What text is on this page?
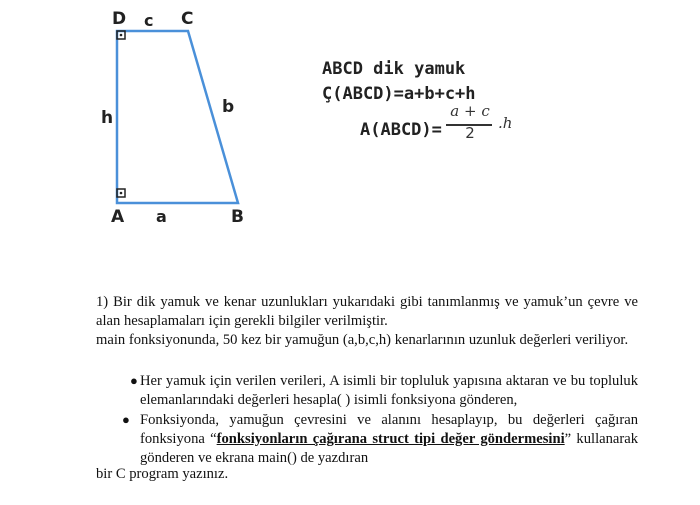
D c C
h
b
A a	B
ABCD dik yamuk
Ç(ABCD)=a+b+c+h
A(ABCD)=
a + c
2
.h

1) Bir dik yamuk ve kenar uzunlukları yukarıdaki gibi tanımlanmış ve yamuk’un çevre ve alan hesaplamaları için gerekli bilgiler verilmiştir.

main fonksiyonunda, 50 kez bir yamuğun (a,b,c,h) kenarlarının uzunluk değerleri veriliyor.

● Her yamuk için verilen verileri, A isimli bir topluluk yapısına aktaran ve bu topluluk elemanlarındaki değerleri hesapla( ) isimli fonksiyona gönderen,
● Fonksiyonda, yamuğun çevresini ve alanını hesaplayıp, bu değerleri çağıran fonksiyona “fonksiyonların çağırana struct tipi değer göndermesini” kullanarak gönderen ve ekrana main() de yazdıran
bir C program yazınız.
